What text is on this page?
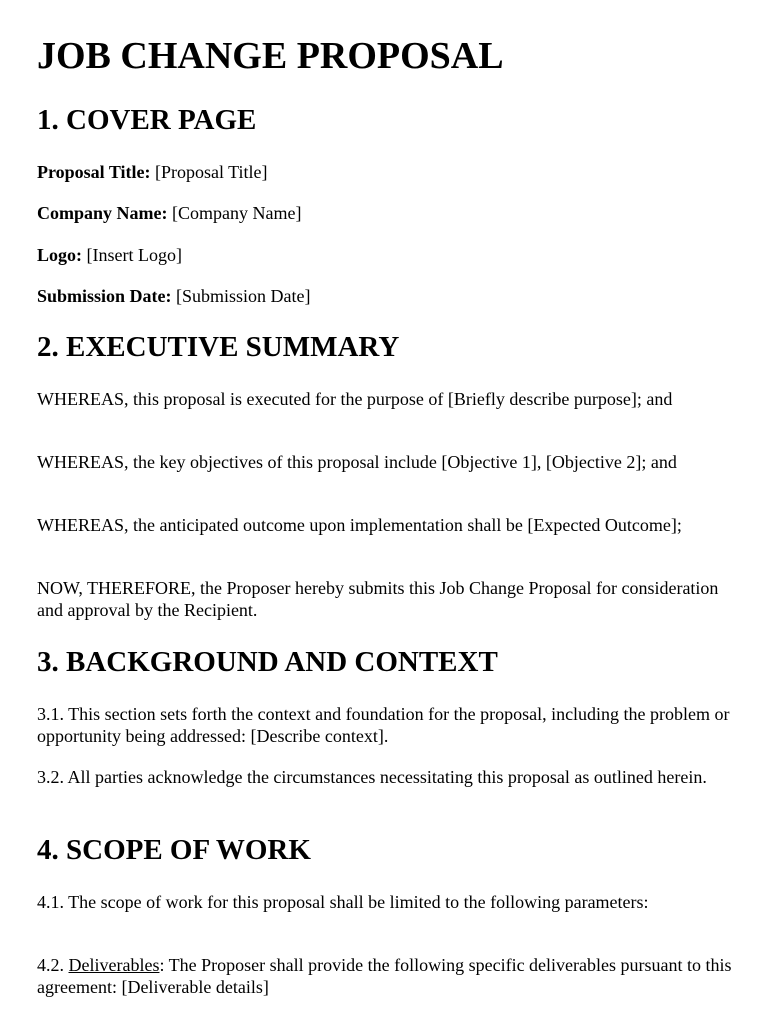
JOB CHANGE PROPOSAL
1. COVER PAGE

Proposal Title: [Proposal Title]

Company Name: [Company Name]

Logo: [Insert Logo]

Submission Date: [Submission Date]

2. EXECUTIVE SUMMARY

WHEREAS, this proposal is executed for the purpose of [Briefly describe purpose]; and

WHEREAS, the key objectives of this proposal include [Objective 1], [Objective 2]; and

WHEREAS, the anticipated outcome upon implementation shall be [Expected Outcome];

NOW, THEREFORE, the Proposer hereby submits this Job Change Proposal for consideration and approval by the Recipient.

3. BACKGROUND AND CONTEXT

3.1. This section sets forth the context and foundation for the proposal, including the problem or opportunity being addressed: [Describe context].

3.2. All parties acknowledge the circumstances necessitating this proposal as outlined herein.

4. SCOPE OF WORK

4.1. The scope of work for this proposal shall be limited to the following parameters:

4.2. Deliverables: The Proposer shall provide the following specific deliverables pursuant to this agreement: [Deliverable details]
